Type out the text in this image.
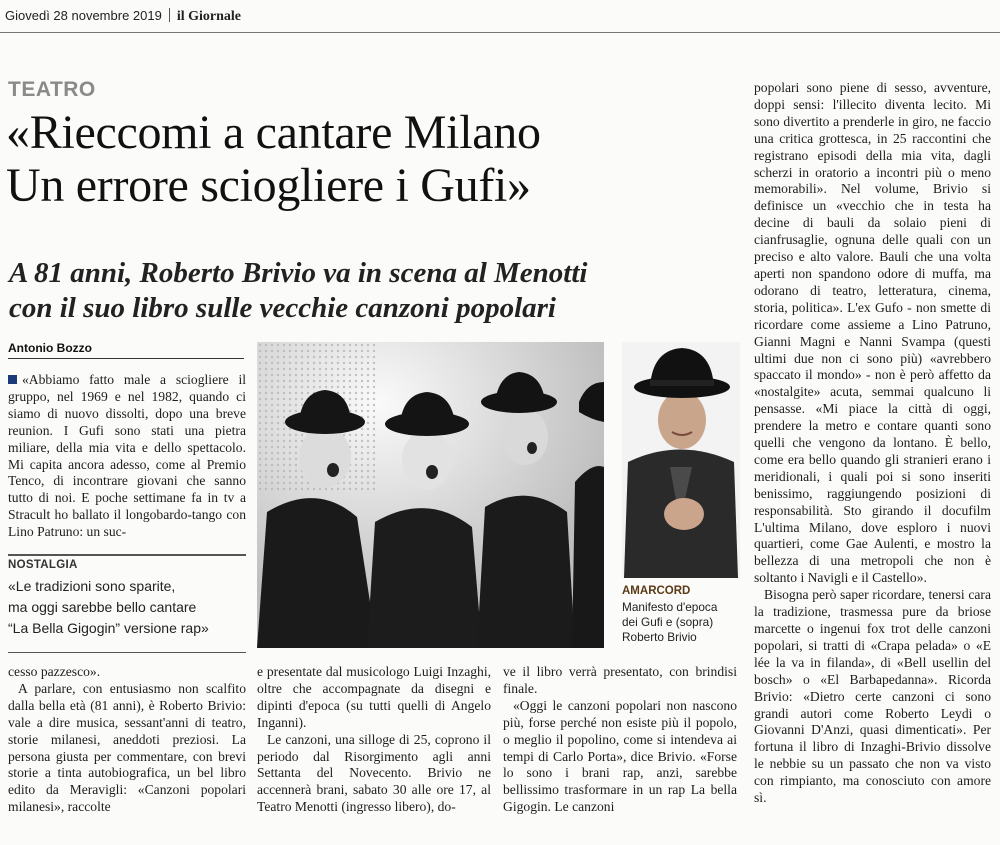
Giovedì 28 novembre 2019 il Giornale
TEATRO
«Rieccomi a cantare Milano
Un errore sciogliere i Gufi»
A 81 anni, Roberto Brivio va in scena al Menotti
con il suo libro sulle vecchie canzoni popolari
Antonio Bozzo

«Abbiamo fatto male a sciogliere il gruppo, nel 1969 e nel 1982, quando ci siamo di nuovo dissolti, dopo una breve reunion. I Gufi sono stati una pietra miliare, della mia vita e dello spettacolo. Mi capita ancora adesso, come al Premio Tenco, di incontrare giovani che sanno tutto di noi. E poche settimane fa in tv a Stracult ho ballato il longobardo-tango con Lino Patruno: un suc-

NOSTALGIA
«Le tradizioni sono sparite,
ma oggi sarebbe bello cantare
“La Bella Gigogin” versione rap»
AMARCORD
Manifesto d'epoca
dei Gufi e (sopra)
Roberto Brivio

cesso pazzesco».

A parlare, con entusiasmo non scalfito dalla bella età (81 anni), è Roberto Brivio: vale a dire musica, sessant'anni di teatro, storie milanesi, aneddoti preziosi. La persona giusta per commentare, con brevi storie a tinta autobiografica, un bel libro edito da Meravigli: «Canzoni popolari milanesi», raccolte

e presentate dal musicologo Luigi Inzaghi, oltre che accompagnate da disegni e dipinti d'epoca (su tutti quelli di Angelo Inganni).

Le canzoni, una silloge di 25, coprono il periodo dal Risorgimento agli anni Settanta del Novecento. Brivio ne accennerà brani, sabato 30 alle ore 17, al Teatro Menotti (ingresso libero), do-

ve il libro verrà presentato, con brindisi finale.

«Oggi le canzoni popolari non nascono più, forse perché non esiste più il popolo, o meglio il popolino, come si intendeva ai tempi di Carlo Porta», dice Brivio. «Forse lo sono i brani rap, anzi, sarebbe bellissimo trasformare in un rap La bella Gigogin. Le canzoni

popolari sono piene di sesso, avventure, doppi sensi: l'illecito diventa lecito. Mi sono divertito a prenderle in giro, ne faccio una critica grottesca, in 25 raccontini che registrano episodi della mia vita, dagli scherzi in oratorio a incontri più o meno memorabili». Nel volume, Brivio si definisce un «vecchio che in testa ha decine di bauli da solaio pieni di cianfrusaglie, ognuna delle quali con un preciso e alto valore. Bauli che una volta aperti non spandono odore di muffa, ma odorano di teatro, letteratura, cinema, storia, politica». L'ex Gufo - non smette di ricordare come assieme a Lino Patruno, Gianni Magni e Nanni Svampa (questi ultimi due non ci sono più) «avrebbero spaccato il mondo» - non è però affetto da «nostalgite» acuta, semmai qualcuno li pensasse. «Mi piace la città di oggi, prendere la metro e contare quanti sono quelli che vengono da lontano. È bello, come era bello quando gli stranieri erano i meridionali, i quali poi si sono inseriti benissimo, raggiungendo posizioni di responsabilità. Sto girando il docufilm L'ultima Milano, dove esploro i nuovi quartieri, come Gae Aulenti, e mostro la bellezza di una metropoli che non è soltanto i Navigli e il Castello».

Bisogna però saper ricordare, tenersi cara la tradizione, trasmessa pure da briose marcette o ingenui fox trot delle canzoni popolari, si tratti di «Crapa pelada» o «E lée la va in filanda», di «Bell usellin del bosch» o «El Barbapedanna». Ricorda Brivio: «Dietro certe canzoni ci sono grandi autori come Roberto Leydi o Giovanni D'Anzi, quasi dimenticati». Per fortuna il libro di Inzaghi-Brivio dissolve le nebbie su un passato che non va visto con rimpianto, ma conosciuto con amore sì.
